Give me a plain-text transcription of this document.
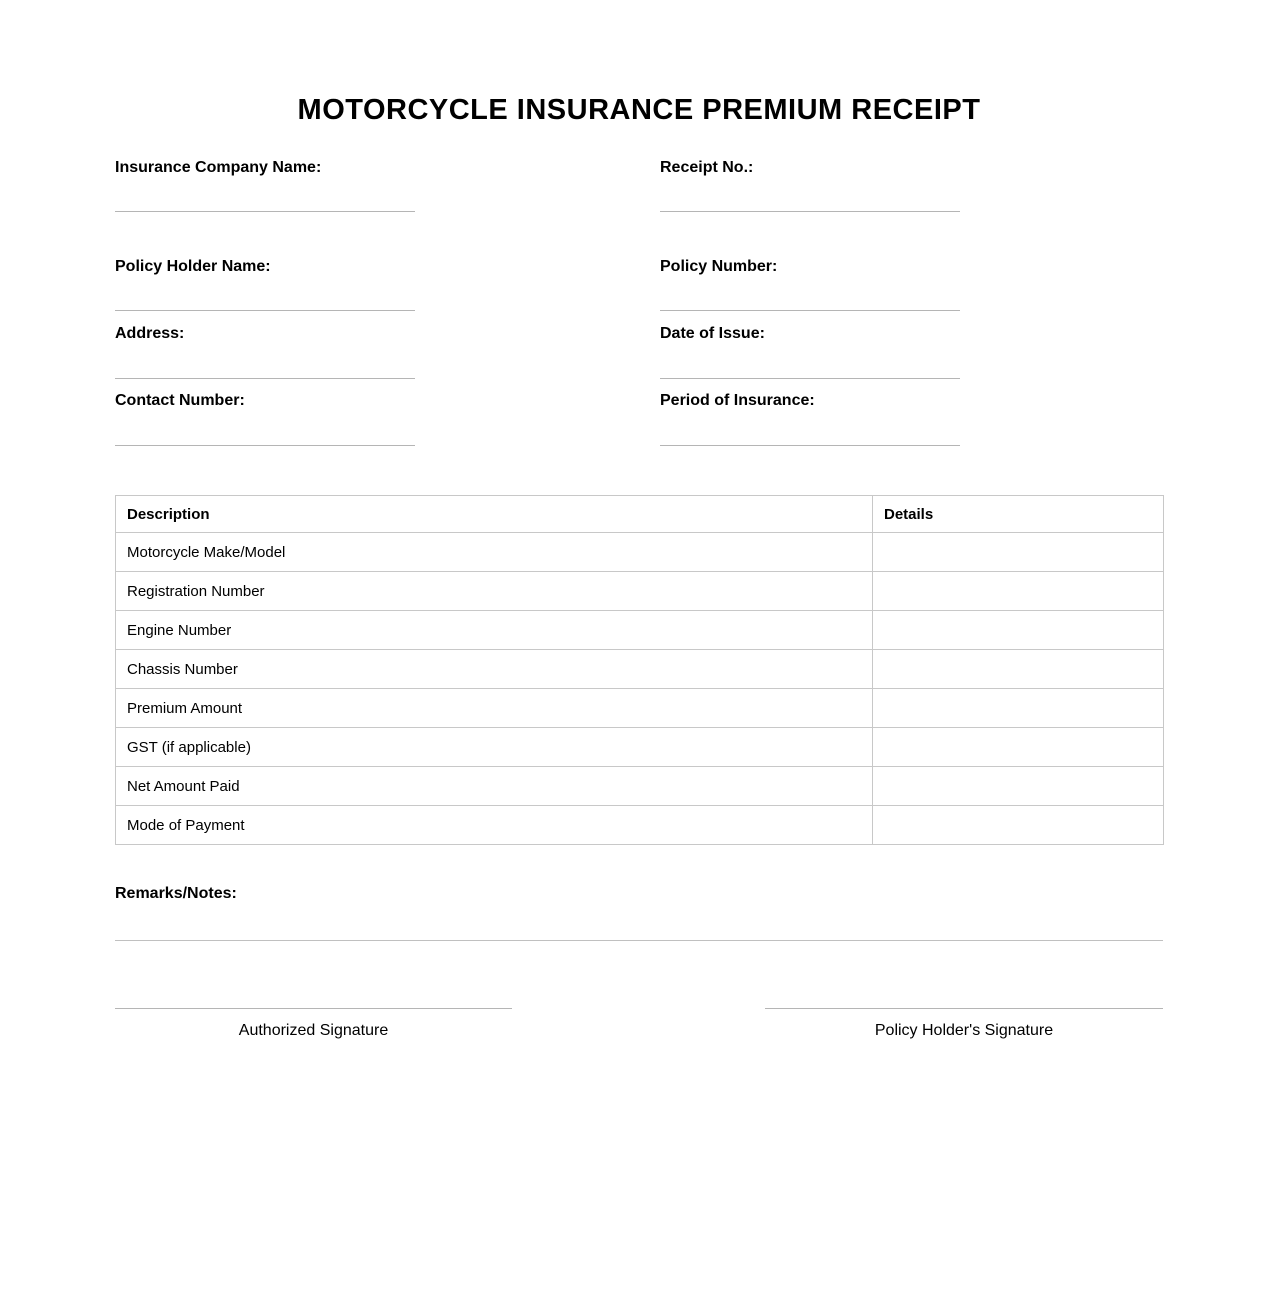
MOTORCYCLE INSURANCE PREMIUM RECEIPT
Insurance Company Name:
Policy Holder Name:
Address:
Contact Number:
Receipt No.:
Policy Number:
Date of Issue:
Period of Insurance:
Description	Details
Motorcycle Make/Model	
Registration Number	
Engine Number	
Chassis Number	
Premium Amount	
GST (if applicable)	
Net Amount Paid	
Mode of Payment	
Remarks/Notes:
Authorized Signature	Policy Holder's Signature
